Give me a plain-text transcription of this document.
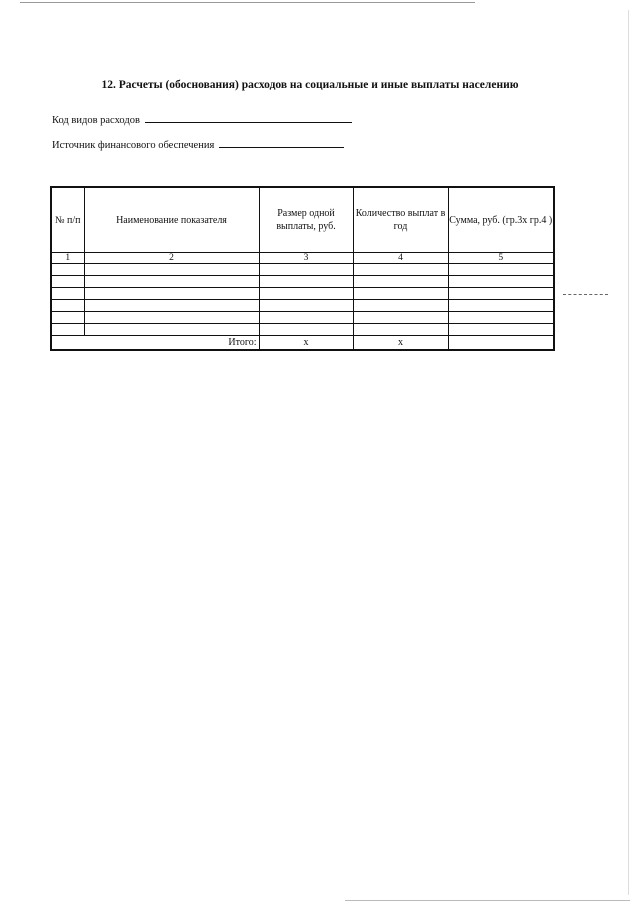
12. Расчеты (обоснования) расходов на социальные и иные выплаты населению
Код видов расходов
Источник финансового обеспечения
№ п/п	Наименование показателя	Размер одной выплаты, руб.	Количество выплат в год	Сумма, руб. (гр.3х гр.4 )
1	2	3	4	5

Итого:		x	x	
